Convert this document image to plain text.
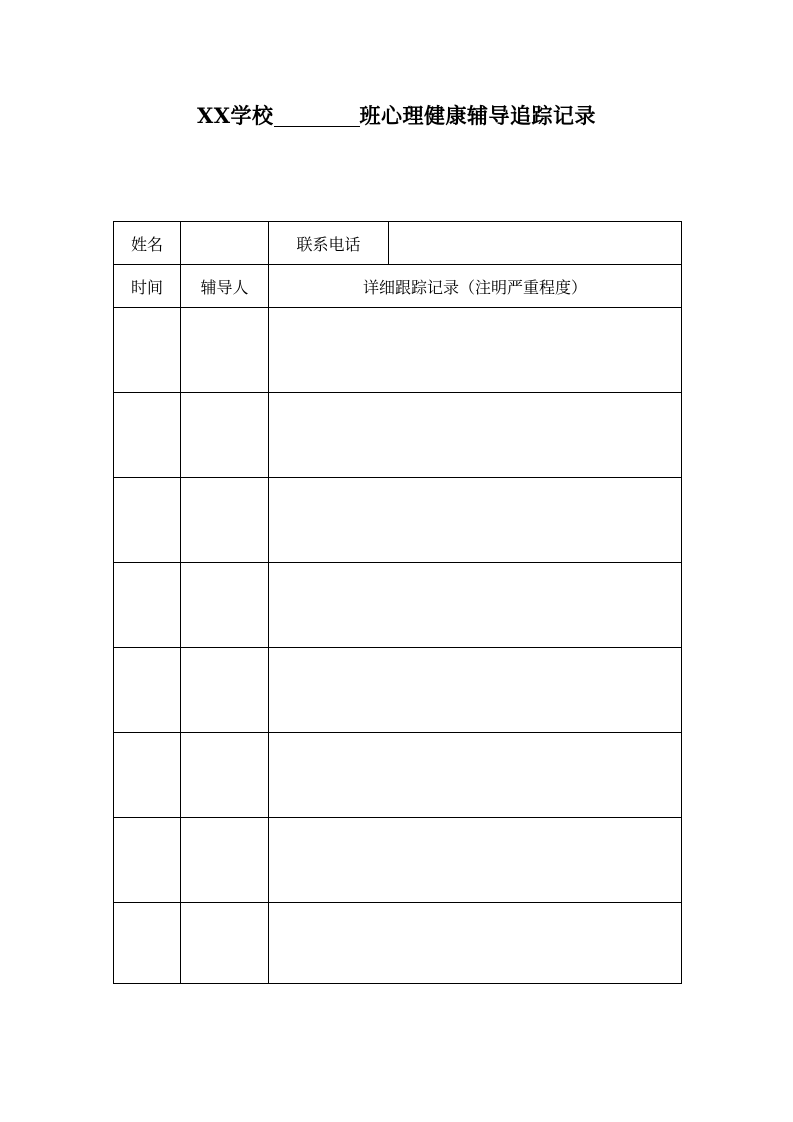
XX学校	班心理健康辅导追踪记录
姓名		联系电话	
时间	辅导人	详细跟踪记录（注明严重程度）	
